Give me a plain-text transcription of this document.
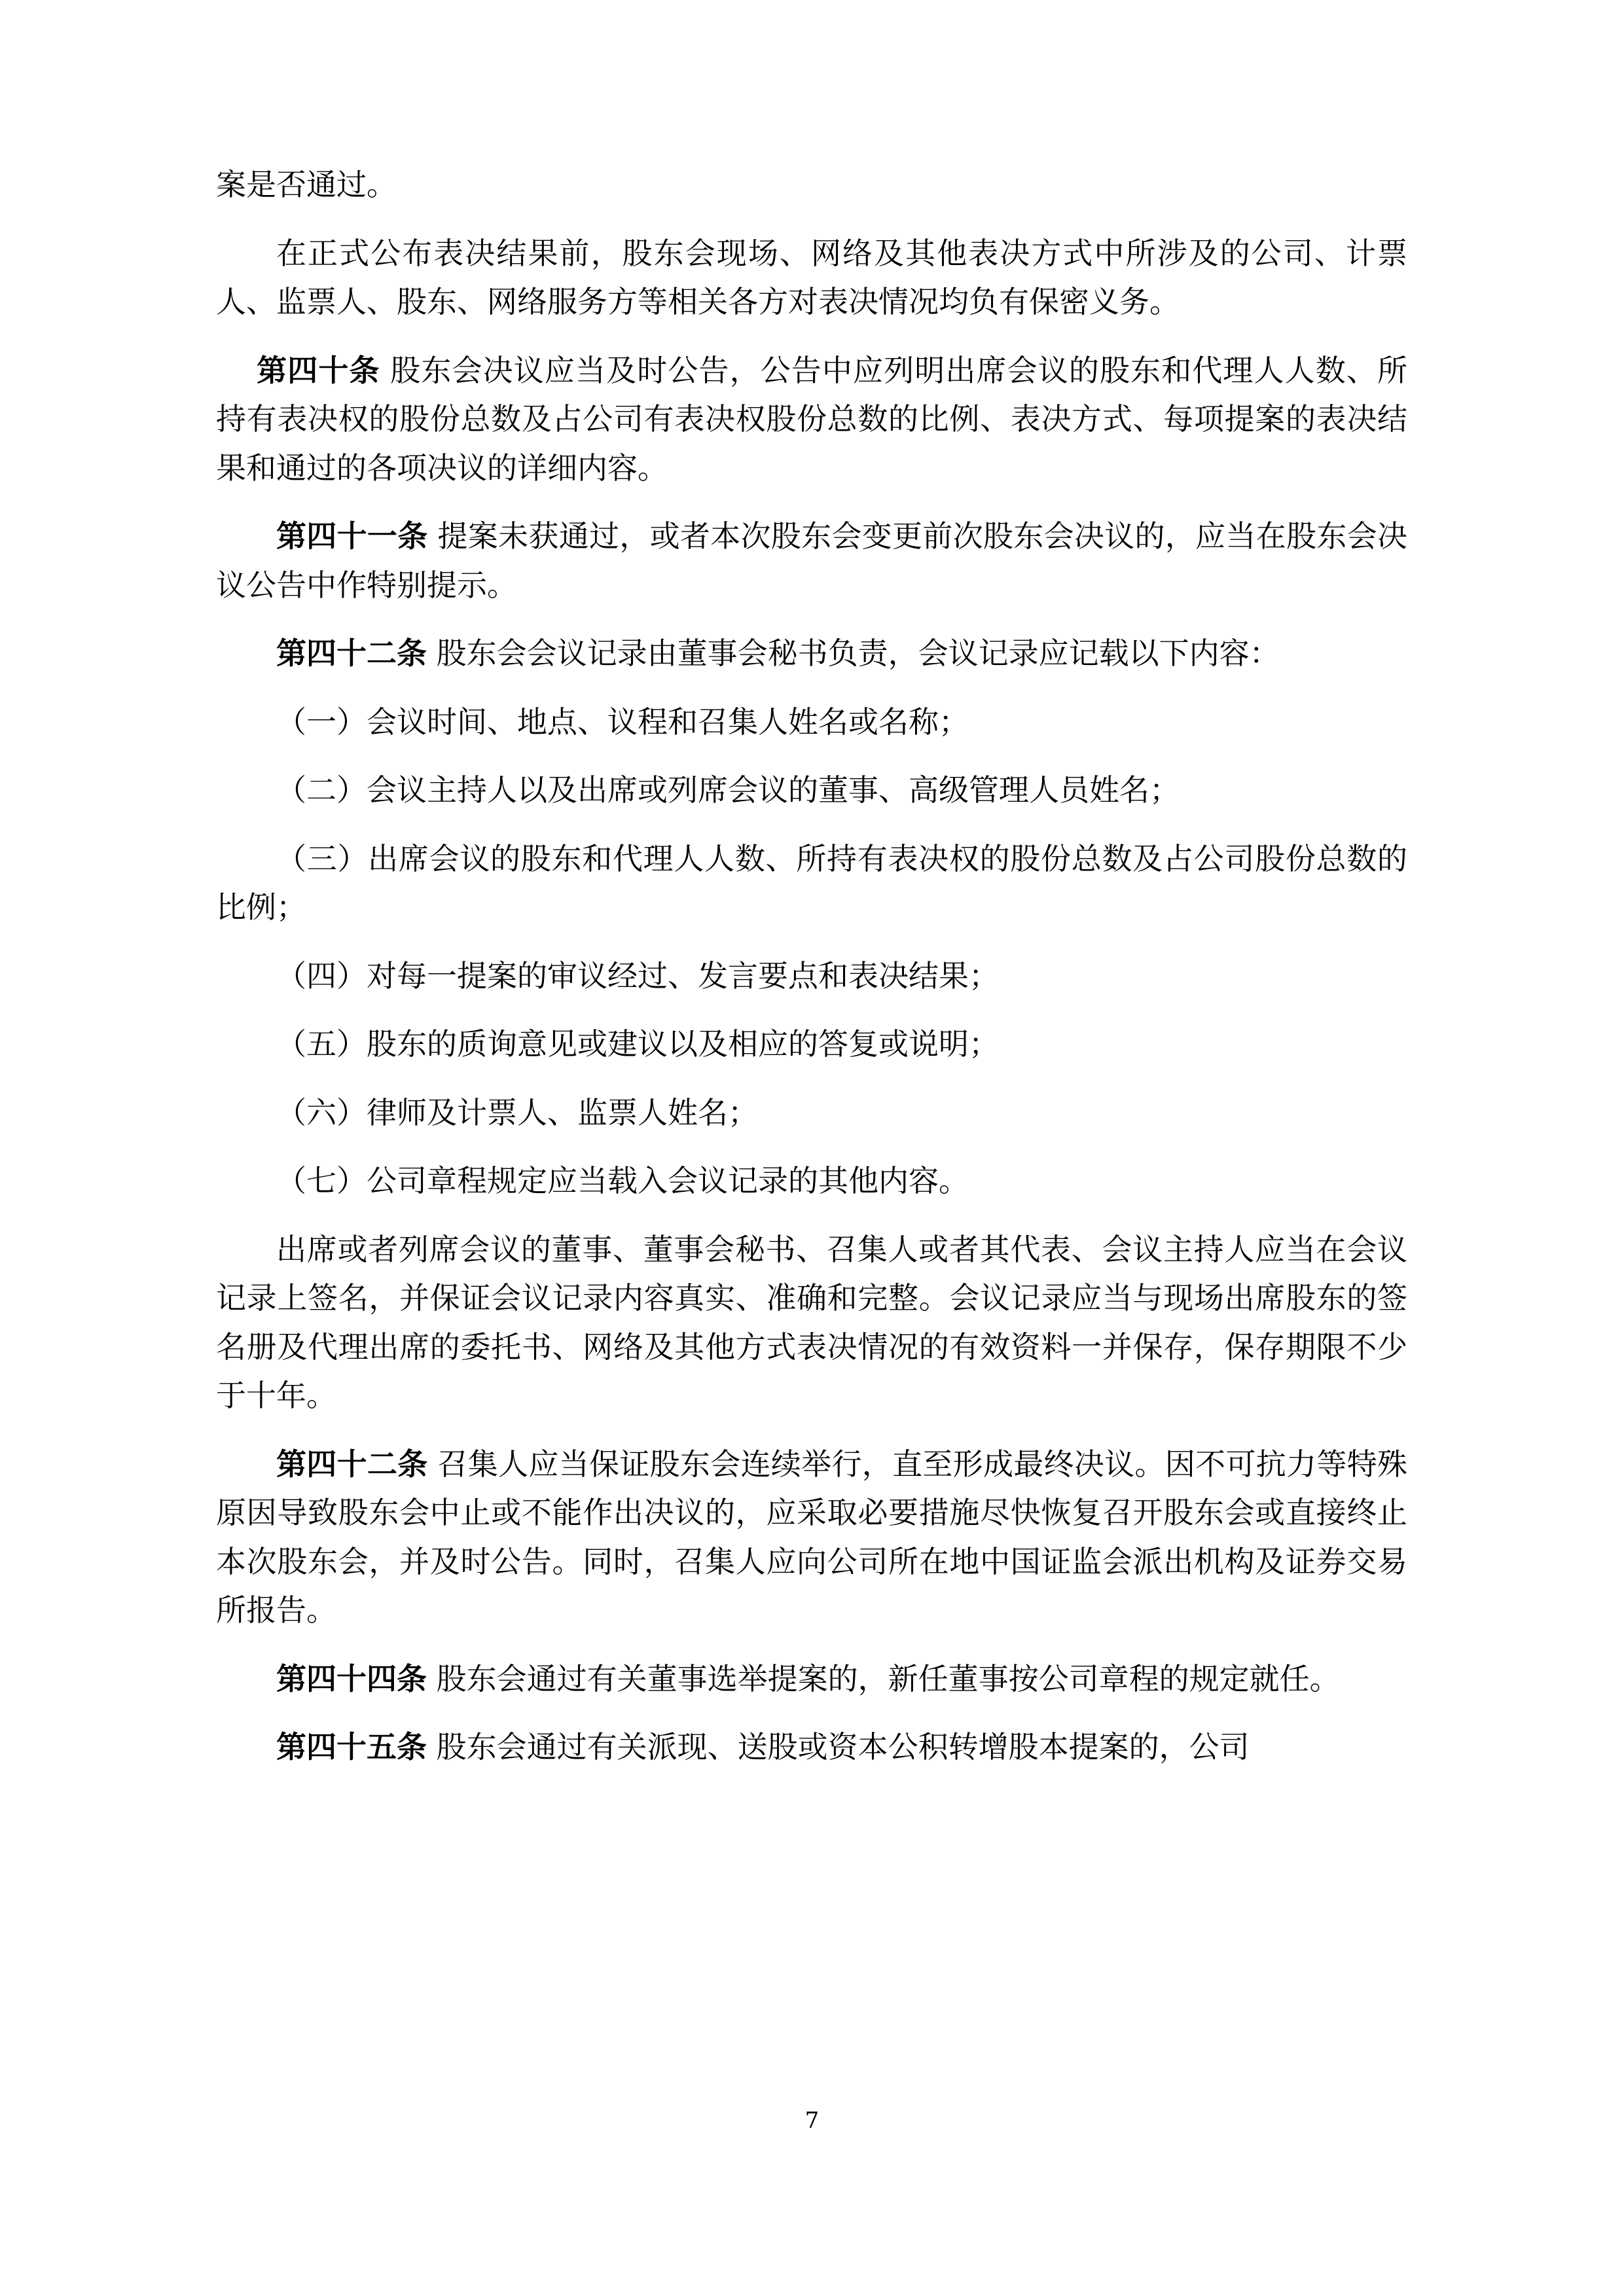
案是否通过。

在正式公布表决结果前，股东会现场、网络及其他表决方式中所涉及的公司、计票人、监票人、股东、网络服务方等相关各方对表决情况均负有保密义务。

第四十条 股东会决议应当及时公告，公告中应列明出席会议的股东和代理人人数、所持有表决权的股份总数及占公司有表决权股份总数的比例、表决方式、每项提案的表决结果和通过的各项决议的详细内容。

第四十一条 提案未获通过，或者本次股东会变更前次股东会决议的，应当在股东会决议公告中作特别提示。

第四十二条 股东会会议记录由董事会秘书负责，会议记录应记载以下内容：

（一）会议时间、地点、议程和召集人姓名或名称；

（二）会议主持人以及出席或列席会议的董事、高级管理人员姓名；

（三）出席会议的股东和代理人人数、所持有表决权的股份总数及占公司股份总数的比例；

（四）对每一提案的审议经过、发言要点和表决结果；

（五）股东的质询意见或建议以及相应的答复或说明；

（六）律师及计票人、监票人姓名；

（七）公司章程规定应当载入会议记录的其他内容。

出席或者列席会议的董事、董事会秘书、召集人或者其代表、会议主持人应当在会议记录上签名，并保证会议记录内容真实、准确和完整。会议记录应当与现场出席股东的签名册及代理出席的委托书、网络及其他方式表决情况的有效资料一并保存，保存期限不少于十年。

第四十二条 召集人应当保证股东会连续举行，直至形成最终决议。因不可抗力等特殊原因导致股东会中止或不能作出决议的，应采取必要措施尽快恢复召开股东会或直接终止本次股东会，并及时公告。同时，召集人应向公司所在地中国证监会派出机构及证券交易所报告。

第四十四条 股东会通过有关董事选举提案的，新任董事按公司章程的规定就任。

第四十五条 股东会通过有关派现、送股或资本公积转增股本提案的，公司

7
